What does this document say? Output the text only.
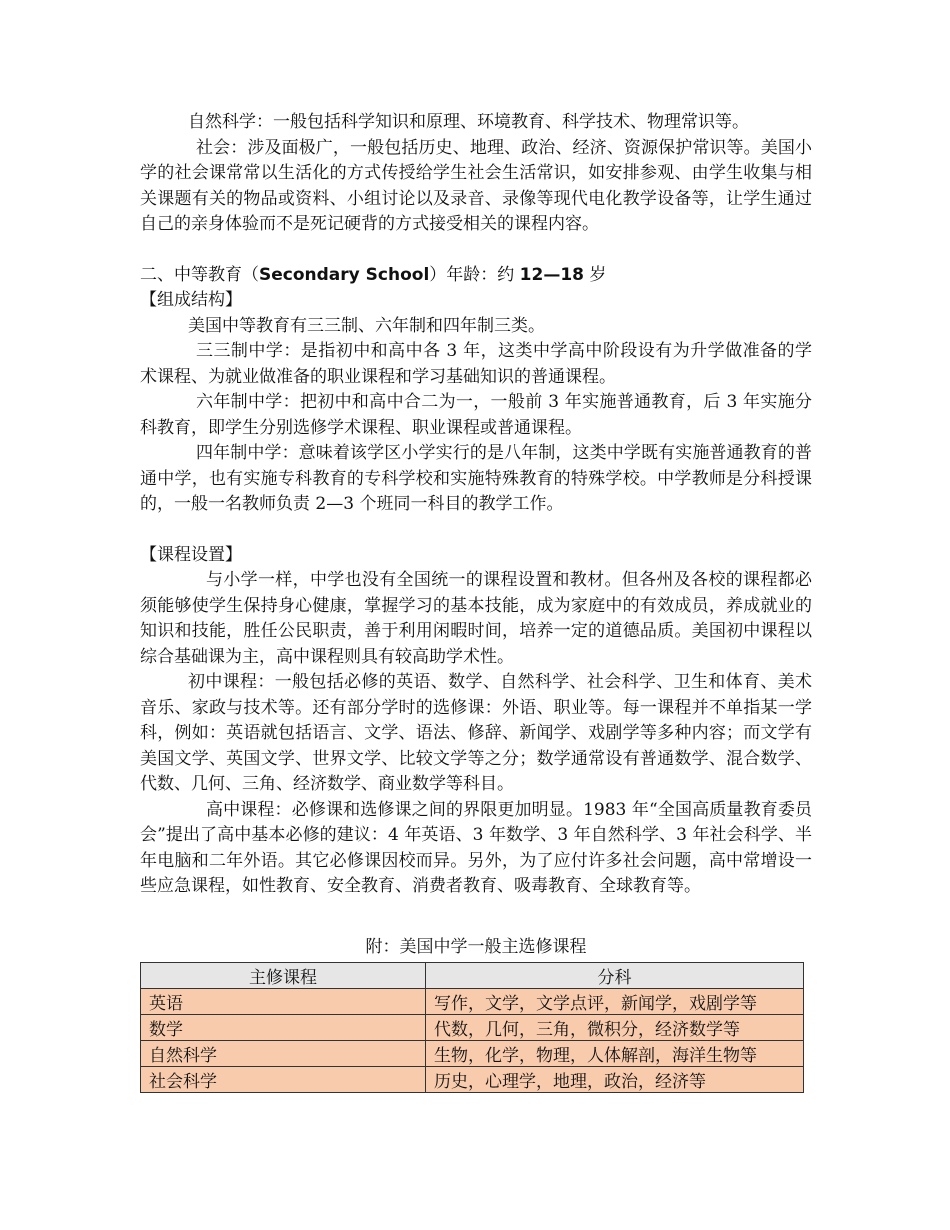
自然科学：一般包括科学知识和原理、环境教育、科学技术、物理常识等。

社会：涉及面极广，一般包括历史、地理、政治、经济、资源保护常识等。美国小学的社会课常常以生活化的方式传授给学生社会生活常识，如安排参观、由学生收集与相关课题有关的物品或资料、小组讨论以及录音、录像等现代电化教学设备等，让学生通过自己的亲身体验而不是死记硬背的方式接受相关的课程内容。

二、中等教育（Secondary School）年龄：约 12—18 岁

【组成结构】

美国中等教育有三三制、六年制和四年制三类。

三三制中学：是指初中和高中各 3 年，这类中学高中阶段设有为升学做准备的学术课程、为就业做准备的职业课程和学习基础知识的普通课程。

六年制中学：把初中和高中合二为一，一般前 3 年实施普通教育，后 3 年实施分科教育，即学生分别选修学术课程、职业课程或普通课程。

四年制中学：意味着该学区小学实行的是八年制，这类中学既有实施普通教育的普通中学，也有实施专科教育的专科学校和实施特殊教育的特殊学校。中学教师是分科授课的，一般一名教师负责 2—3 个班同一科目的教学工作。

【课程设置】

与小学一样，中学也没有全国统一的课程设置和教材。但各州及各校的课程都必须能够使学生保持身心健康，掌握学习的基本技能，成为家庭中的有效成员，养成就业的知识和技能，胜任公民职责，善于利用闲暇时间，培养一定的道德品质。美国初中课程以综合基础课为主，高中课程则具有较高助学术性。

初中课程：一般包括必修的英语、数学、自然科学、社会科学、卫生和体育、美术音乐、家政与技术等。还有部分学时的选修课：外语、职业等。每一课程并不单指某一学科，例如：英语就包括语言、文学、语法、修辞、新闻学、戏剧学等多种内容；而文学有美国文学、英国文学、世界文学、比较文学等之分；数学通常设有普通数学、混合数学、代数、几何、三角、经济数学、商业数学等科目。

高中课程：必修课和选修课之间的界限更加明显。1983 年“全国高质量教育委员会”提出了高中基本必修的建议：4 年英语、3 年数学、3 年自然科学、3 年社会科学、半年电脑和二年外语。其它必修课因校而异。另外，为了应付许多社会问题，高中常增设一些应急课程，如性教育、安全教育、消费者教育、吸毒教育、全球教育等。

附：美国中学一般主选修课程

主修课程	分科
英语	写作，文学，文学点评，新闻学，戏剧学等
数学	代数，几何，三角，微积分，经济数学等
自然科学	生物，化学，物理，人体解剖，海洋生物等
社会科学	历史，心理学，地理，政治，经济等
